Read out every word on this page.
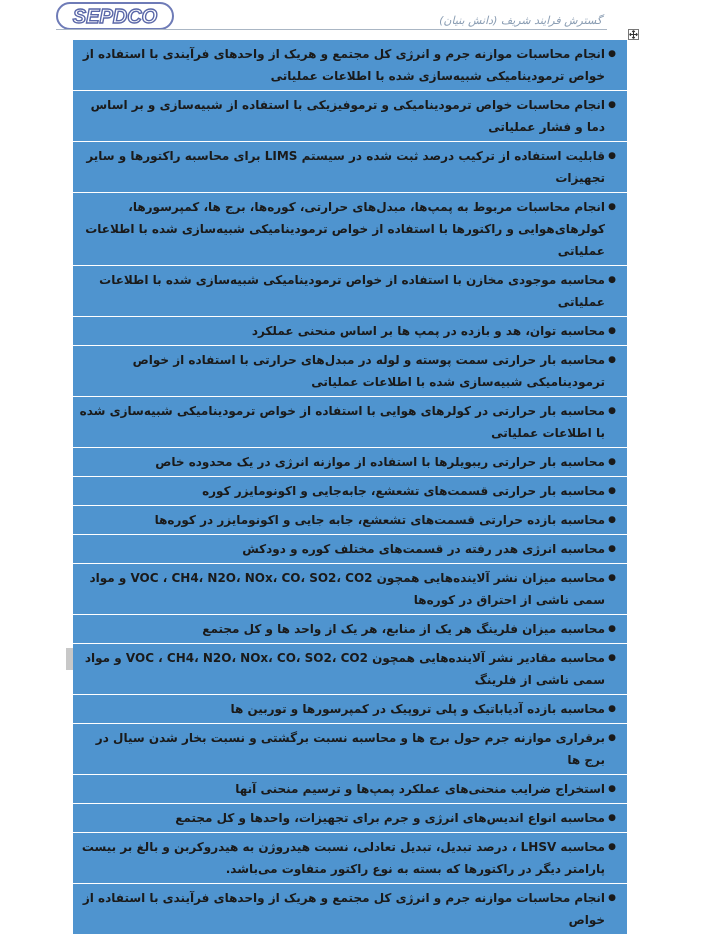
SEPDCO	گسترش فرایند شریف (دانش بنیان)
●
انجام محاسبات موازنه جرم و انرژی کل مجتمع و هریک از واحدهای فرآیندی با استفاده از خواص ترمودینامیکی شبیه‌سازی شده با اطلاعات عملیاتی
●
انجام محاسبات خواص ترمودینامیکی و ترموفیزیکی با استفاده از شبیه‌سازی و بر اساس دما و فشار عملیاتی
●
قابلیت استفاده از ترکیب درصد ثبت شده در سیستم LIMS برای محاسبه راکتورها و سایر تجهیزات
●
انجام محاسبات مربوط به پمپ‌ها، مبدل‌های حرارتی، کوره‌ها، برج ها، کمپرسورها، کولرهای‌هوایی و راکتورها با استفاده از خواص ترمودینامیکی شبیه‌سازی شده با اطلاعات عملیاتی
●
محاسبه موجودی مخازن با استفاده از خواص ترمودینامیکی شبیه‌سازی شده با اطلاعات عملیاتی
●
محاسبه توان، هد و بازده در پمپ ها بر اساس منحنی عملکرد
●
محاسبه بار حرارتی سمت پوسته و لوله در مبدل‌های حرارتی با استفاده از خواص ترمودینامیکی شبیه‌سازی شده با اطلاعات عملیاتی
●
محاسبه بار حرارتی در کولرهای هوایی با استفاده از خواص ترمودینامیکی شبیه‌سازی شده با اطلاعات عملیاتی
●
محاسبه بار حرارتی ریبویلرها با استفاده از موازنه انرژی در یک محدوده خاص
●
محاسبه بار حرارتی قسمت‌های تشعشع، جابه‌جایی و اکونومایزر کوره
●
محاسبه بازده حرارتی قسمت‌های تشعشع، جابه جایی و اکونومایزر در کوره‌ها
●
محاسبه انرژی هدر رفته در قسمت‌های مختلف کوره و دودکش
●
محاسبه میزان نشر آلاینده‌هایی همچون VOC ، CH4، N2O، NOx، CO، SO2، CO2 و مواد سمی ناشی از احتراق در کوره‌ها
●
محاسبه میزان فلرینگ هر یک از منابع، هر یک از واحد ها و کل مجتمع
●
محاسبه مقادیر نشر آلاینده‌هایی همچون VOC ، CH4، N2O، NOx، CO، SO2، CO2 و مواد سمی ناشی از فلرینگ
●
محاسبه بازده آدیاباتیک و پلی تروپیک در کمپرسورها و توربین ها
●
برقراری موازنه جرم حول برج ها و محاسبه نسبت برگشتی و نسبت بخار شدن سیال در برج ها
●
استخراج ضرایب منحنی‌های عملکرد پمپ‌ها و ترسیم منحنی آنها
●
محاسبه انواع اندیس‌های انرژی و جرم برای تجهیزات، واحدها و کل مجتمع
●
محاسبه LHSV ، درصد تبدیل، تبدیل تعادلی، نسبت هیدروژن به هیدروکربن و بالغ بر بیست پارامتر دیگر در راکتورها که بسته به نوع راکتور متفاوت می‌باشد.
●
انجام محاسبات موازنه جرم و انرژی کل مجتمع و هریک از واحدهای فرآیندی با استفاده از خواص
